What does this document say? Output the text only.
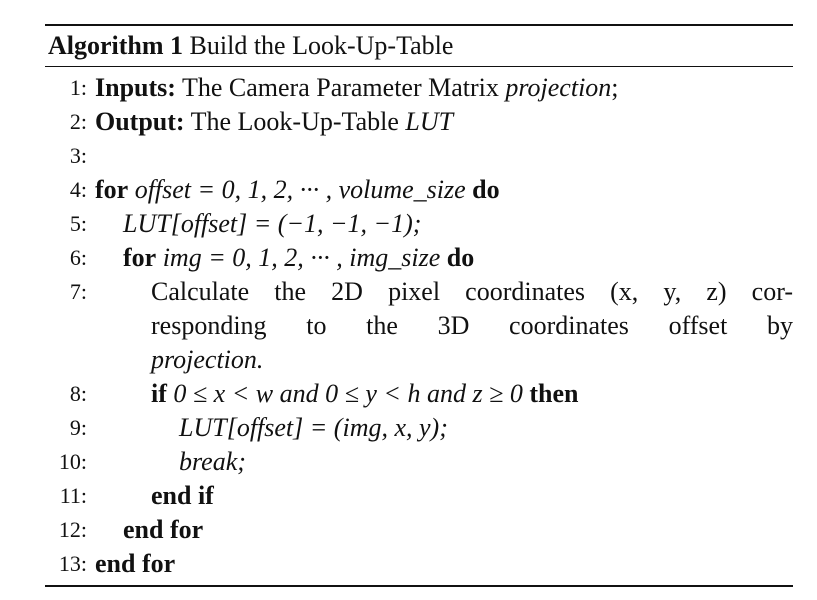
Algorithm 1 Build the Look-Up-Table
1: Inputs: The Camera Parameter Matrix projection;
2: Output: The Look-Up-Table LUT
3:
4: for offset = 0, 1, 2, ··· , volume_size do
5:	LUT[offset] = (−1, −1, −1);
6:	for img = 0, 1, 2, ··· , img_size do
7: Calculate the 2D pixel coordinates (x, y, z) cor-
responding to the 3D coordinates offset by
projection.
8:	if 0 ≤ x < w and 0 ≤ y < h and z ≥ 0 then
9:	LUT[offset] = (img, x, y);
10:	break;
11:	end if
12:	end for
13: end for
